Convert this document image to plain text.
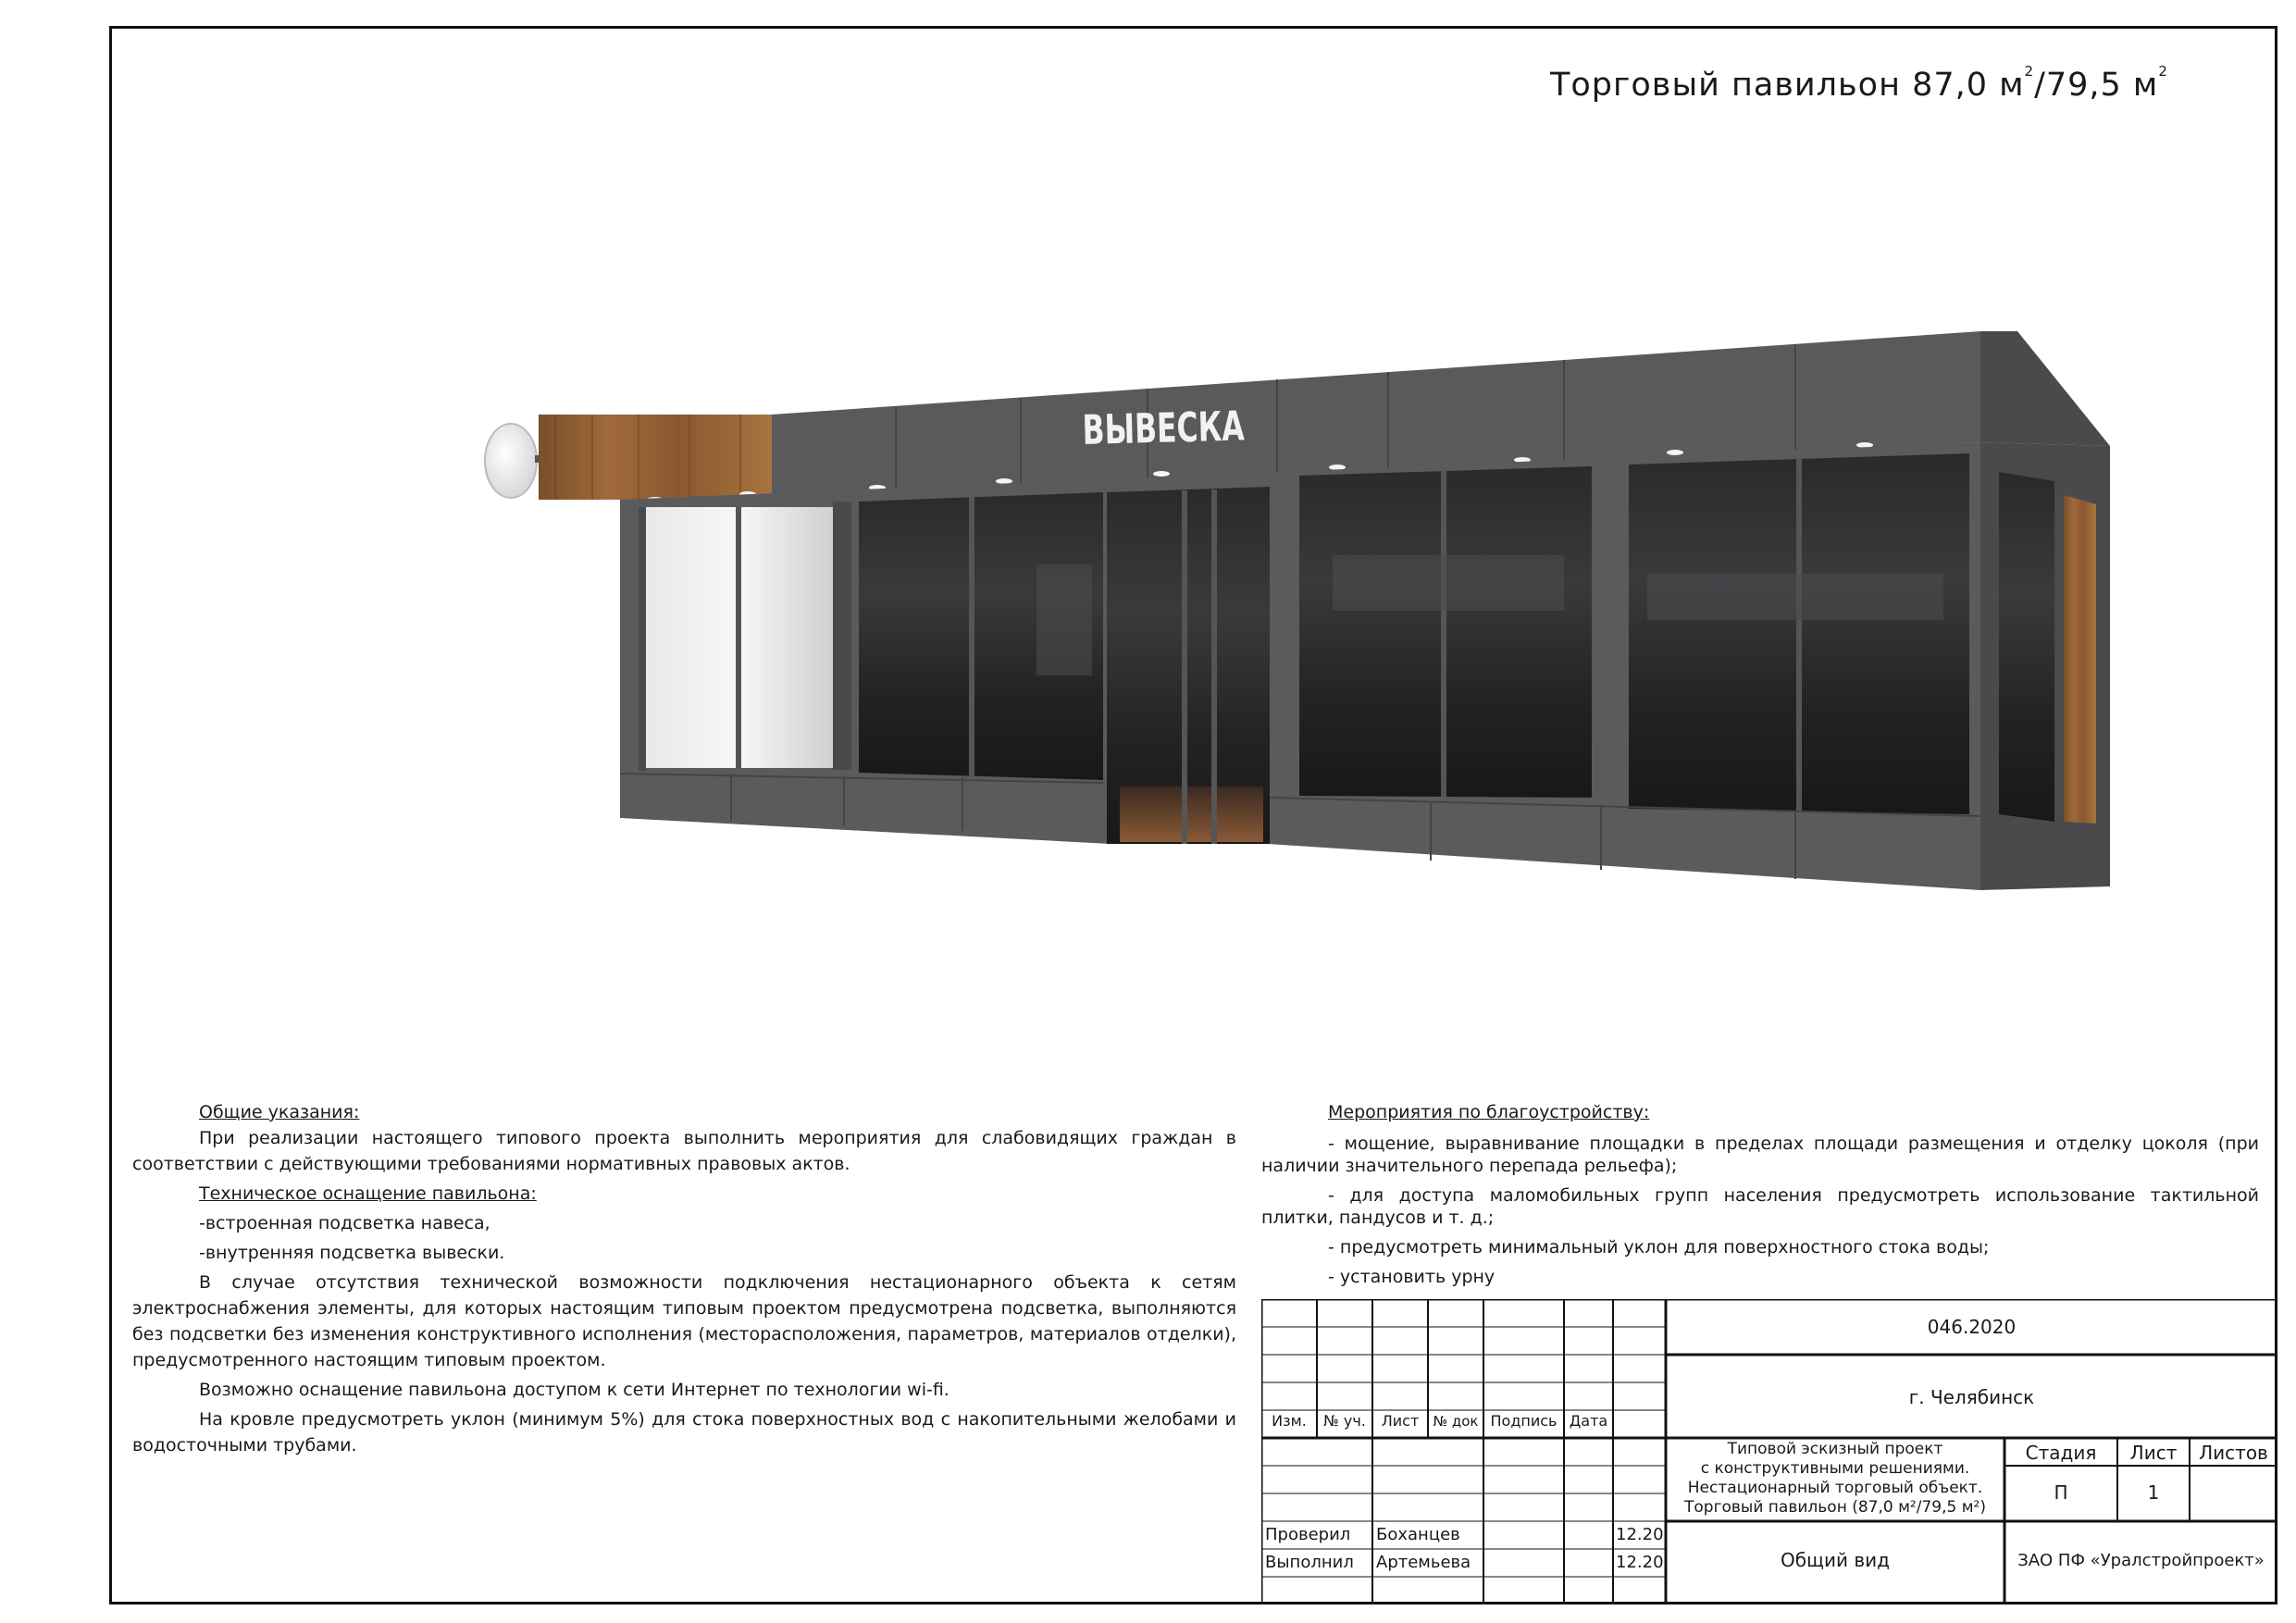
Торговый павильон 87,0 $м^2/79,5$ $м^2$
ВЫВЕСКА

Общие указания:

При реализации настоящего типового проекта выполнить мероприятия для слабовидящих граждан в соответствии с действующими требованиями нормативных правовых актов.

Техническое оснащение павильона:

-встроенная подсветка навеса,

-внутренняя подсветка вывески.

В случае отсутствия технической возможности подключения нестационарного объекта к сетям электроснабжения элементы, для которых настоящим типовым проектом предусмотрена подсветка, выполняются без подсветки без изменения конструктивного исполнения (месторасположения, параметров, материалов отделки), предусмотренного настоящим типовым проектом.

Возможно оснащение павильона доступом к сети Интернет по технологии wi-fi.

На кровле предусмотреть уклон (минимум 5%) для стока поверхностных вод с накопительными желобами и водосточными трубами.

Мероприятия по благоустройству:

- мощение, выравнивание площадки в пределах площади размещения и отделку цоколя (при наличии значительного перепада рельефа);

- для доступа маломобильных групп населения предусмотреть использование тактильной плитки, пандусов и т. д.;

- предусмотреть минимальный уклон для поверхностного стока воды;

- установить урну

Изм.	№ уч.	Лист	№ док Подпись Дата
046.2020
г. Челябинск
Типовой эскизный проект
с конструктивными решениями.
Нестационарный торговый объект.
Торговый павильон (87,0 м²/79,5 м²)
Стадия	Лист	Листов
П	1
Проверил Боханцев	12.20
Выполнил Артемьева	12.20	Общий вид	ЗАО ПФ «Уралстройпроект»
